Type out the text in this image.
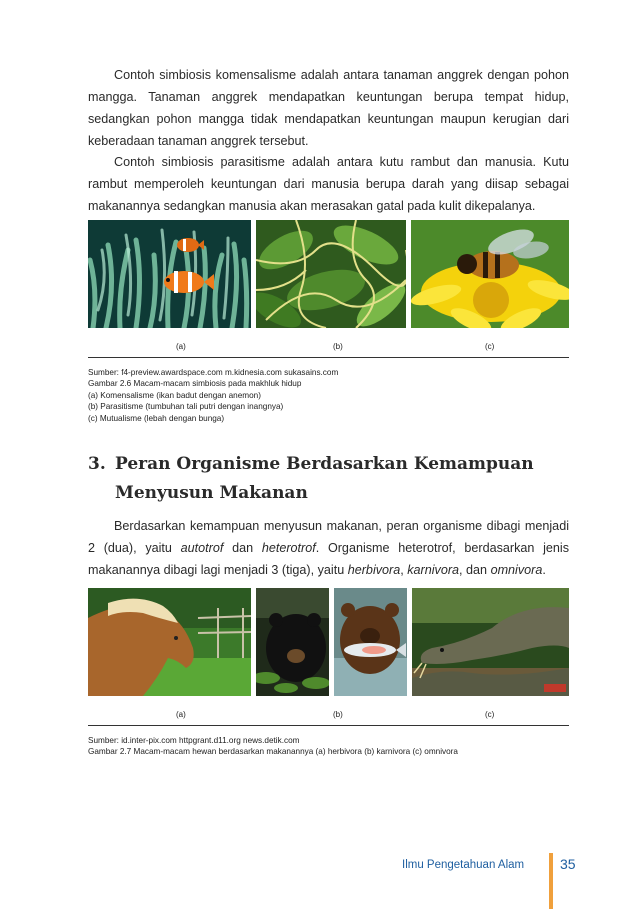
Contoh simbiosis komensalisme adalah antara tanaman anggrek dengan pohon mangga. Tanaman anggrek mendapatkan keuntungan berupa tempat hidup, sedangkan pohon mangga tidak mendapatkan keuntungan maupun kerugian dari keberadaan tanaman anggrek tersebut.

Contoh simbiosis parasitisme adalah antara kutu rambut dan manusia. Kutu rambut memperoleh keuntungan dari manusia berupa darah yang diisap sebagai makanannya sedangkan manusia akan merasakan gatal pada kulit dikepalanya.

(a)	(b)	(c)
Sumber: f4-preview.awardspace.com m.kidnesia.com sukasains.com
Gambar 2.6 Macam-macam simbiosis pada makhluk hidup
(a) Komensalisme (ikan badut dengan anemon)
(b) Parasitisme (tumbuhan tali putri dengan inangnya)
(c) Mutualisme (lebah dengan bunga)
3. Peran Organisme Berdasarkan Kemampuan
Menyusun Makanan

Berdasarkan kemampuan menyusun makanan, peran organisme dibagi menjadi 2 (dua), yaitu autotrof dan heterotrof. Organisme heterotrof, berdasarkan jenis makanannya dibagi lagi menjadi 3 (tiga), yaitu herbivora, karnivora, dan omnivora.

(a)	(b)	(c)
Sumber: id.inter-pix.com httpgrant.d11.org news.detik.com
Gambar 2.7 Macam-macam hewan berdasarkan makanannya (a) herbivora (b) karnivora (c) omnivora
Ilmu Pengetahuan Alam	35
